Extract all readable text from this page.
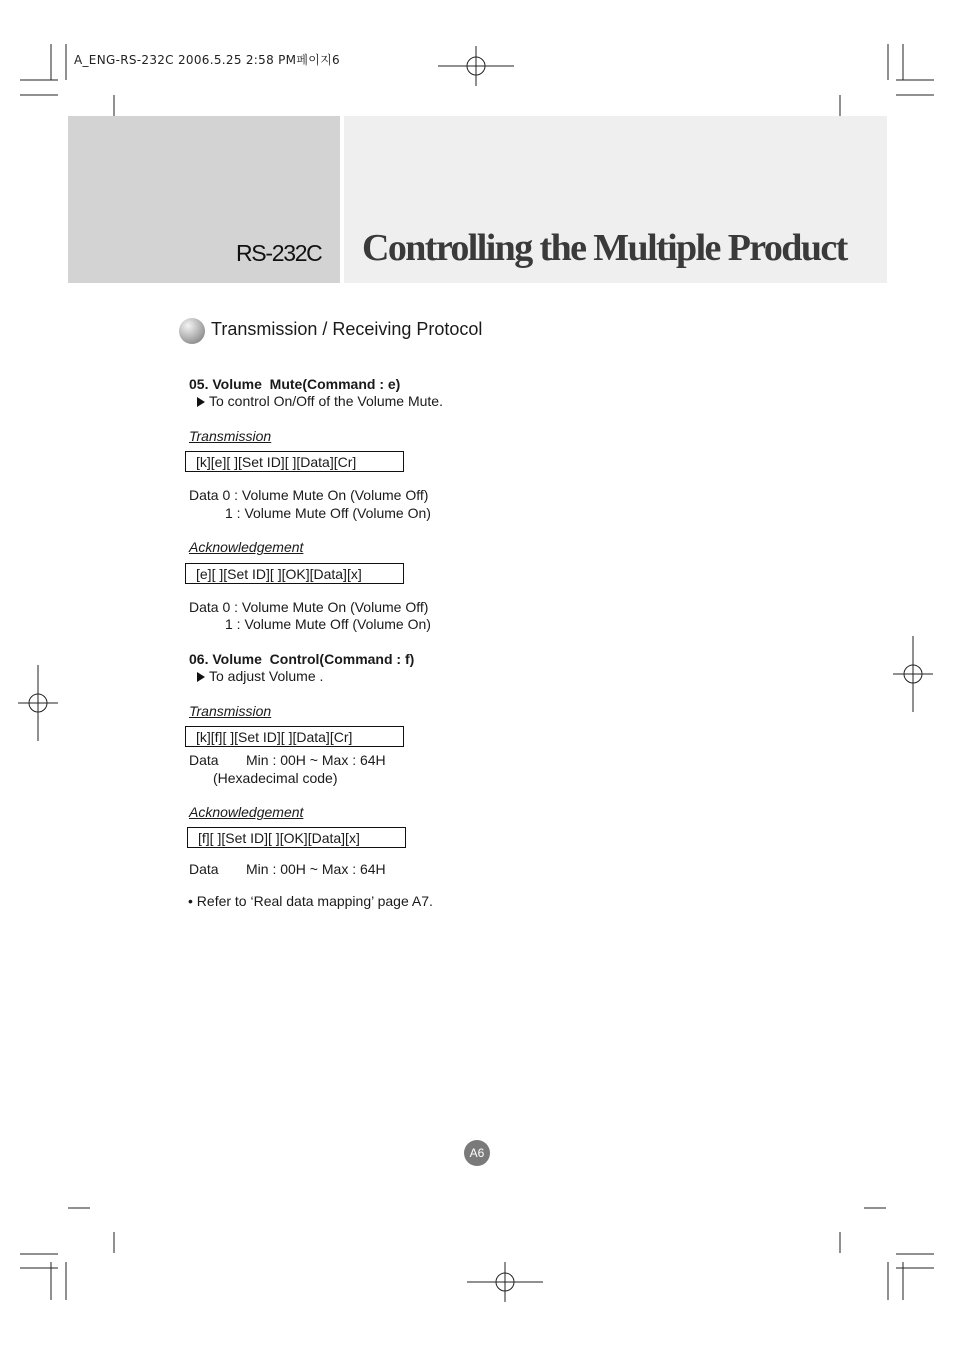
A_ENG-RS-232C 2006.5.25 2:58 PM페이지6
RS-232C Controlling the Multiple Product
Transmission / Receiving Protocol
05. Volume  Mute(Command : e)
To control On/Off of the Volume Mute.
Transmission
[k][e][ ][Set ID][ ][Data][Cr]
Data 0 : Volume Mute On (Volume Off)
1 : Volume Mute Off (Volume On)
Acknowledgement
[e][ ][Set ID][ ][OK][Data][x]
Data 0 : Volume Mute On (Volume Off)
1 : Volume Mute Off (Volume On)
06. Volume  Control(Command : f)
To adjust Volume .
Transmission
[k][f][ ][Set ID][ ][Data][Cr]
Data Min : 00H ~ Max : 64H
(Hexadecimal code)
Acknowledgement
[f][ ][Set ID][ ][OK][Data][x]
Data Min : 00H ~ Max : 64H
• Refer to ‘Real data mapping’ page A7.
A6
